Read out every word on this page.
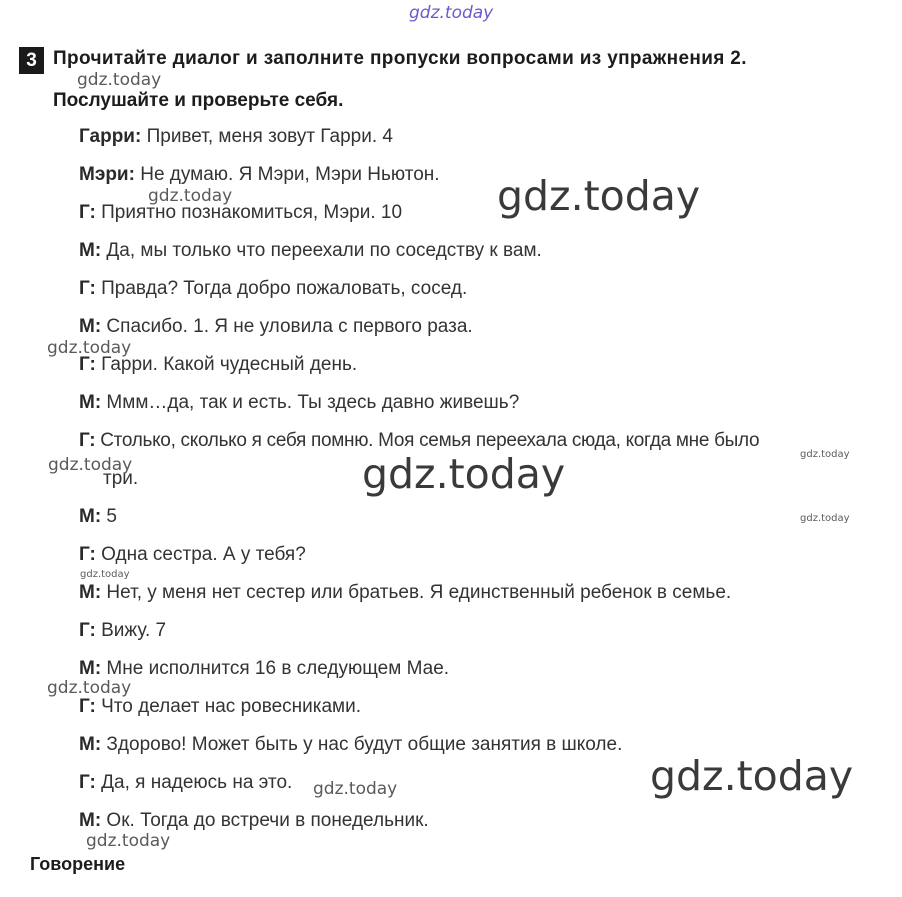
gdz.today
3 Прочитайте диалог и заполните пропуски вопросами из упражнения 2.
Послушайте и проверьте себя.
Гарри: Привет, меня зовут Гарри. 4
Мэри: Не думаю. Я Мэри, Мэри Ньютон.
Г: Приятно познакомиться, Мэри. 10
М: Да, мы только что переехали по соседству к вам.
Г: Правда? Тогда добро пожаловать, сосед.
М: Спасибо. 1. Я не уловила с первого раза.
Г: Гарри. Какой чудесный день.
М: Ммм…да, так и есть. Ты здесь давно живешь?
Г: Столько, сколько я себя помню. Моя семья переехала сюда, когда мне было
три.
М: 5
Г: Одна сестра. А у тебя?
М: Нет, у меня нет сестер или братьев. Я единственный ребенок в семье.
Г: Вижу. 7
М: Мне исполнится 16 в следующем Мае.
Г: Что делает нас ровесниками.
М: Здорово! Может быть у нас будут общие занятия в школе.
Г: Да, я надеюсь на это.
М: Ок. Тогда до встречи в понедельник.
Говорение
gdz.today
gdz.today	gdz.today
gdz.today
gdz.today	gdz.today	gdz.today
gdz.today
gdz.today
gdz.today
gdz.today
gdz.today
gdz.today
